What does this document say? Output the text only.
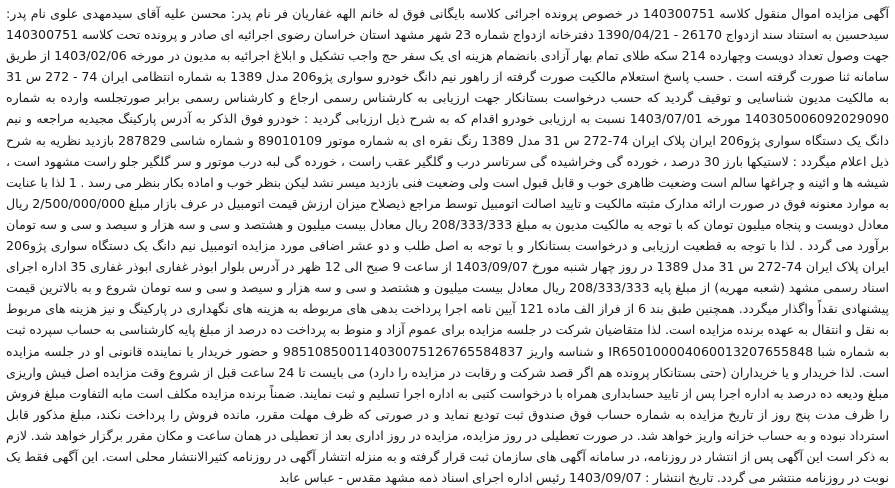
آگهی مزایده اموال منقول کلاسه 140300751 در خصوص پرونده اجرائی کلاسه بایگانی فوق له خانم الهه غفاریان فر نام پدر: محسن علیه آقای سیدمهدی علوی نام پدر: سیدحسین به استناد سند ازدواج 26170 - 1390/04/21 دفترخانه ازدواج شماره 23 شهر مشهد استان خراسان رضوی اجرائیه ای صادر و پرونده تحت کلاسه 140300751 جهت وصول تعداد دویست وچهارده 214 سکه طلای تمام بهار آزادی بانضمام هزینه ای یک سفر حج واجب تشکیل و ابلاغ اجرائیه به مدیون در مورخه 1403/02/06 از طریق سامانه ثنا صورت گرفته است . حسب پاسخ استعلام مالکیت صورت گرفته از راهور نیم دانگ خودرو سواری پژو206 مدل 1389 به شماره انتظامی ایران 74 - 272 س 31 به مالکیت مدیون شناسایی و توقیف گردید که حسب درخواست بستانکار جهت ارزیابی به کارشناس رسمی ارجاع و کارشناس رسمی برابر صورتجلسه وارده به شماره 140305006092029090 مورخه 1403/07/01 نسبت به ارزیابی خودرو اقدام که به شرح ذیل ارزیابی گردید : خودرو فوق الذکر به آدرس پارکینگ مجیدیه مراجعه و نیم دانگ یک دستگاه سواری پژو206 ایران پلاک ایران 74-272 س 31 مدل 1389 رنگ نقره ای به شماره موتور 89010109 و شماره شاسی 287829 بازدید نظریه به شرح ذیل اعلام میگردد : لاستیکها بارز 30 درصد ، خورده گی وخراشیده گی سرتاسر درب و گلگیر عقب راست ، خورده گی لبه درب موتور و سر گلگیر جلو راست مشهود است ، شیشه ها و ائینه و چراغها سالم است وضعیت ظاهری خوب و قابل قبول است ولی وضعیت فنی بازدید میسر نشد لیکن بنظر خوب و اماده بکار بنظر می رسد . 1 لذا با عنایت به موارد معنونه فوق در صورت ارائه مدارک مثبته مالکیت و تایید اصالت اتومبیل توسط مراجع ذیصلاح میزان ارزش قیمت اتومبیل در عرف بازار مبلغ 2/500/000/000 ریال معادل دویست و پنجاه میلیون تومان که با توجه به مالکیت مدیون به مبلغ 208/333/333 ریال معادل بیست میلیون و هشتصد و سی و سه هزار و سیصد و سی و سه تومان برآورد می گردد . لذا با توجه به قطعیت ارزیابی و درخواست بستانکار و با توجه به اصل طلب و دو عشر اضافی مورد مزایده اتومبیل نیم دانگ یک دستگاه سواری پژو206 ایران پلاک ایران 74-272 س 31 مدل 1389 در روز چهار شنبه مورخ 1403/09/07 از ساعت 9 صبح الی 12 ظهر در آدرس بلوار ابوذر غفاری ابوذر غفاری 35 اداره اجرای اسناد رسمی مشهد (شعبه مهریه) از مبلغ پایه 208/333/333 ریال معادل بیست میلیون و هشتصد و سی و سه هزار و سیصد و سی و سه تومان شروع و به بالاترین قیمت پیشنهادی نقداً واگذار میگردد. همچنین طبق بند 6 از فراز الف ماده 121 آیین نامه اجرا پرداخت بدهی های مربوطه به هزینه های نگهداری در پارکینگ و نیز هزینه های مربوط به نقل و انتقال به عهده برنده مزایده است. لذا متقاضیان شرکت در جلسه مزایده برای عموم آزاد و منوط به پرداخت ده درصد از مبلغ پایه کارشناسی به حساب سپرده ثبت به شماره شبا IR650100004060013207655848 و شناسه واریز 985108500114030075126765584837 و حضور خریدار یا نماینده قانونی او در جلسه مزایده است. لذا خریدار و یا خریداران (حتی بستانکار پرونده هم اگر قصد شرکت و رقابت در مزایده را دارد) می بایست تا 24 ساعت قبل از شروع وقت مزایده اصل فیش واریزی مبلغ ودیعه ده درصد به اداره اجرا پس از تایید حسابداری همراه با درخواست کتبی به اداره اجرا تسلیم و ثبت نمایند. ضمناً برنده مزایده مکلف است مابه التفاوت مبلغ فروش را ظرف مدت پنج روز از تاریخ مزایده به شماره حساب فوق صندوق ثبت تودیع نماید و در صورتی که ظرف مهلت مقرر، مانده فروش را پرداخت نکند، مبلغ مذکور قابل استرداد نبوده و به حساب خزانه واریز خواهد شد. در صورت تعطیلی در روز مزایده، مزایده در روز اداری بعد از تعطیلی در همان ساعت و مکان مقرر برگزار خواهد شد. لازم به ذکر است این آگهی پس از انتشار در روزنامه، در سامانه آگهی های سازمان ثبت قرار گرفته و به منزله انتشار آگهی در روزنامه کثیرالانتشار محلی است. این آگهی فقط یک نوبت در روزنامه منتشر می گردد. تاریخ انتشار : 1403/09/07 رئیس اداره اجرای اسناد ذمه مشهد مقدس - عباس عابد
